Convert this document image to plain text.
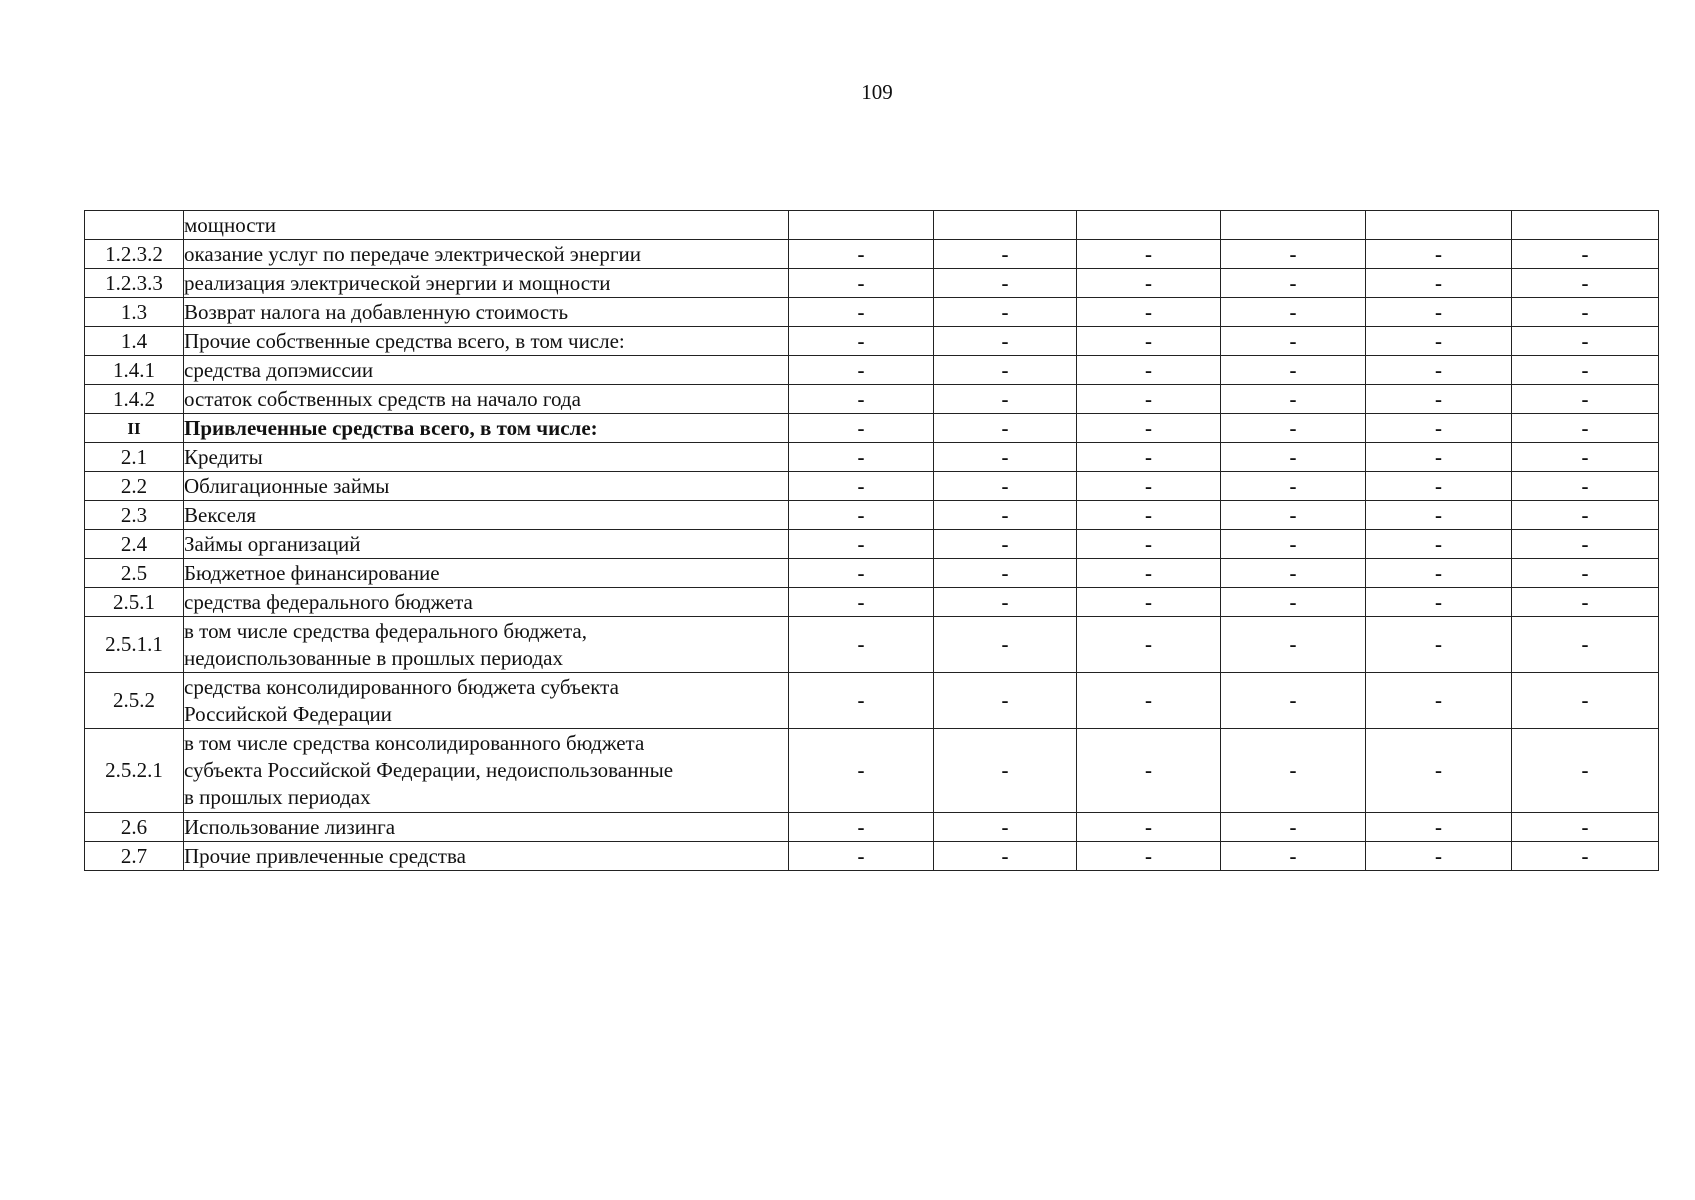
109

	мощности						

1.2.3.2	оказание услуг по передаче электрической энергии	-	-	-	-	-	-
1.2.3.3	реализация электрической энергии и мощности	-	-	-	-	-	-
1.3	Возврат налога на добавленную стоимость	-	-	-	-	-	-
1.4	Прочие собственные средства всего, в том числе:	-	-	-	-	-	-
1.4.1	средства допэмиссии	-	-	-	-	-	-
1.4.2	остаток собственных средств на начало года	-	-	-	-	-	-
II	Привлеченные средства всего, в том числе:	-	-	-	-	-	-
2.1	Кредиты	-	-	-	-	-	-
2.2	Облигационные займы	-	-	-	-	-	-
2.3	Векселя	-	-	-	-	-	-
2.4	Займы организаций	-	-	-	-	-	-
2.5	Бюджетное финансирование	-	-	-	-	-	-
2.5.1	средства федерального бюджета	-	-	-	-	-	-
2.5.1.1	в том числе средства федерального бюджета,
недоиспользованные в прошлых периодах	-	-	-	-	-	-
2.5.2	средства консолидированного бюджета субъекта
Российской Федерации	-	-	-	-	-	-
2.5.2.1	в том числе средства консолидированного бюджета
субъекта Российской Федерации, недоиспользованные
в прошлых периодах	-	-	-	-	-	-
2.6	Использование лизинга	-	-	-	-	-	-
2.7	Прочие привлеченные средства	-	-	-	-	-	-
